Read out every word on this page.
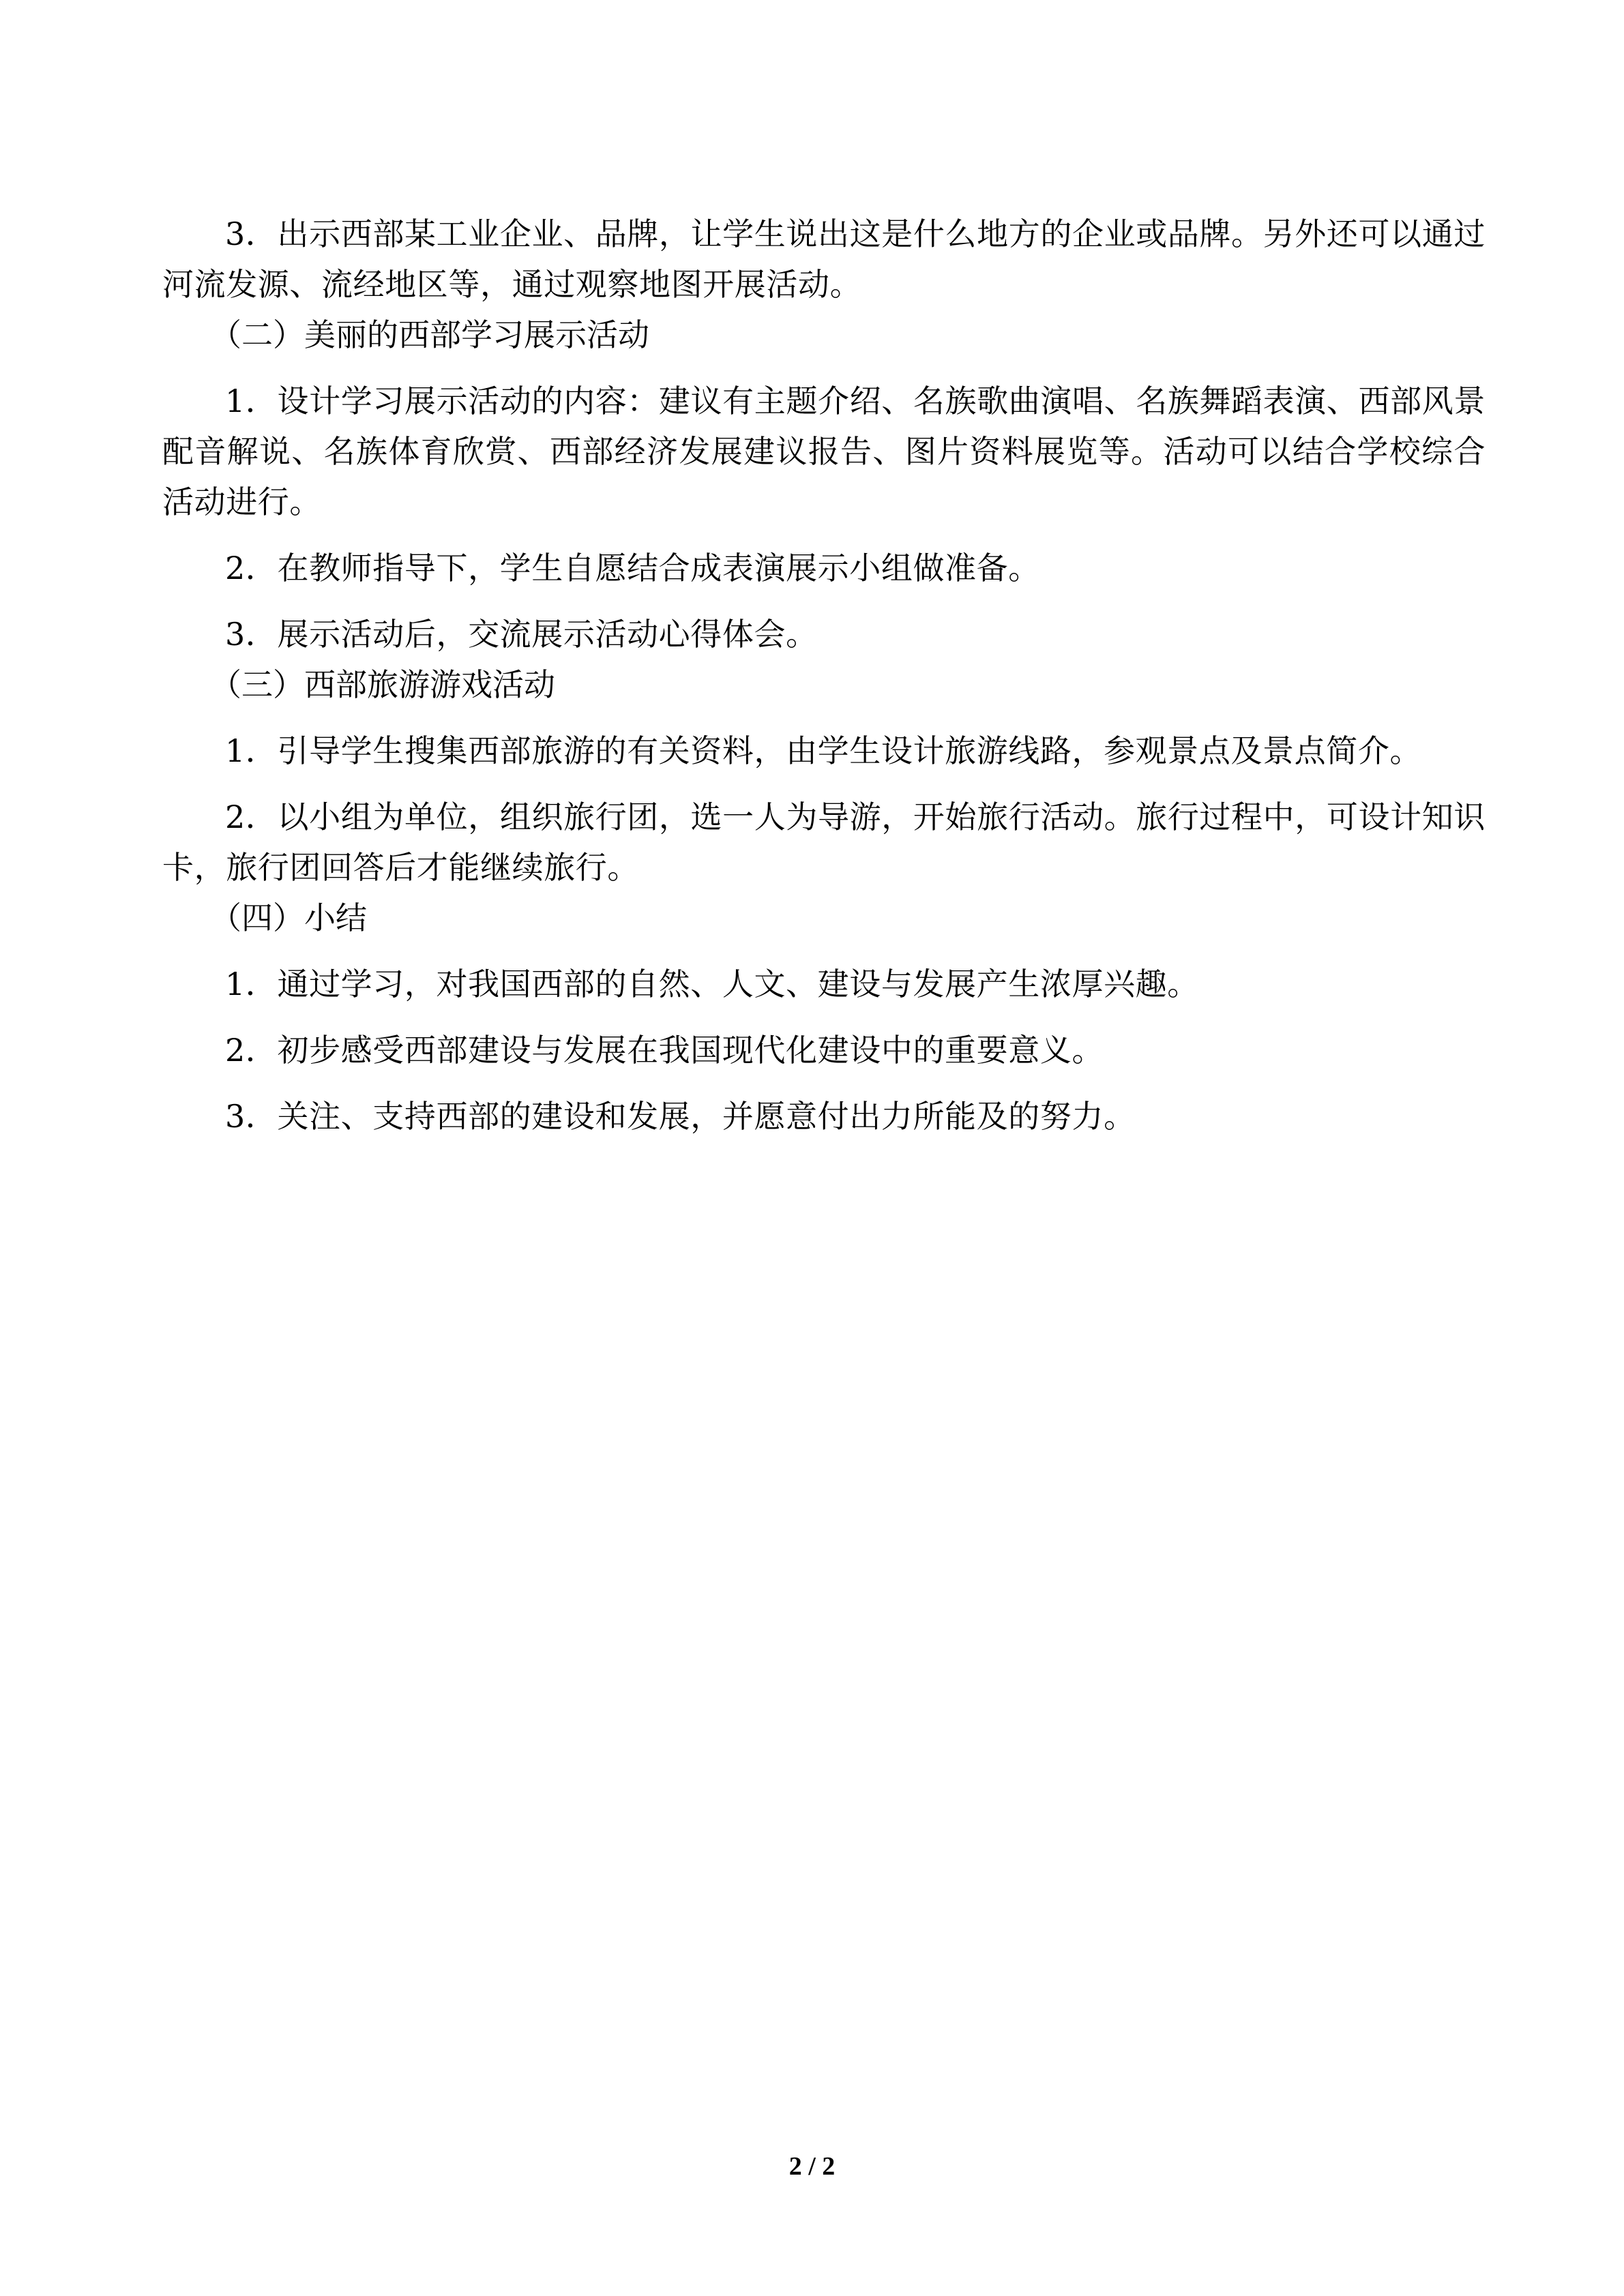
3．出示西部某工业企业、品牌，让学生说出这是什么地方的企业或品牌。另外还可以通过河流发源、流经地区等，通过观察地图开展活动。

（二）美丽的西部学习展示活动

1．设计学习展示活动的内容：建议有主题介绍、名族歌曲演唱、名族舞蹈表演、西部风景配音解说、名族体育欣赏、西部经济发展建议报告、图片资料展览等。活动可以结合学校综合活动进行。

2．在教师指导下，学生自愿结合成表演展示小组做准备。

3．展示活动后，交流展示活动心得体会。

（三）西部旅游游戏活动

1．引导学生搜集西部旅游的有关资料，由学生设计旅游线路，参观景点及景点简介。

2．以小组为单位，组织旅行团，选一人为导游，开始旅行活动。旅行过程中，可设计知识卡，旅行团回答后才能继续旅行。

（四）小结

1．通过学习，对我国西部的自然、人文、建设与发展产生浓厚兴趣。

2．初步感受西部建设与发展在我国现代化建设中的重要意义。

3．关注、支持西部的建设和发展，并愿意付出力所能及的努力。

2 / 2
